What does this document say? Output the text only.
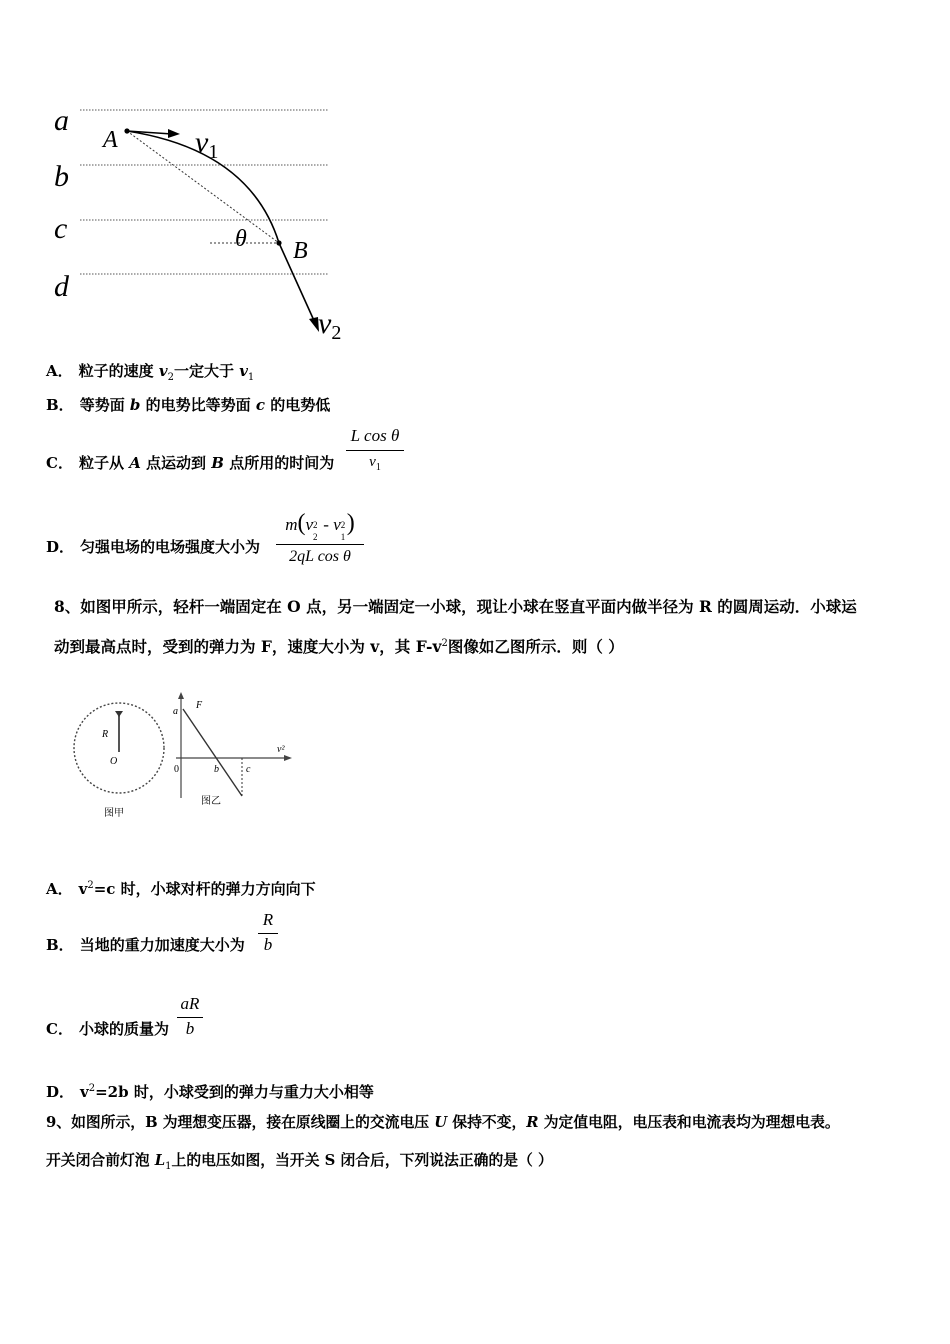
a
b
c
d
A
B
θ
$v_1$
$v_2$
A． 粒子的速度 $v_2$一定大于 $v_1$
B． 等势面 b 的电势比等势面 c 的电势低
C． 粒子从 A 点运动到 B 点所用的时间为
L cos θ
$v_1$
D． 匀强电场的电场强度大小为
m(v 2
2
- v 2
1
)
2qL cos θ
8、如图甲所示，轻杆一端固定在 O 点，另一端固定一小球，现让小球在竖直平面内做半径为 R 的圆周运动．小球运
动到最高点时，受到的弹力为 F，速度大小为 v，其 $F-v^2$图像如乙图所示．则（ ）
R
O
图甲
F
a
0	b	c
v²
图乙
A． $v^2=c$ 时，小球对杆的弹力方向向下
B． 当地的重力加速度大小为
R
b
C． 小球的质量为
aR
b
D． $v^2=2b$ 时，小球受到的弹力与重力大小相等
9、如图所示，B 为理想变压器，接在原线圈上的交流电压 U 保持不变，R 为定值电阻，电压表和电流表均为理想电表。
开关闭合前灯泡 $L_1$上的电压如图，当开关 S 闭合后，下列说法正确的是（ ）
